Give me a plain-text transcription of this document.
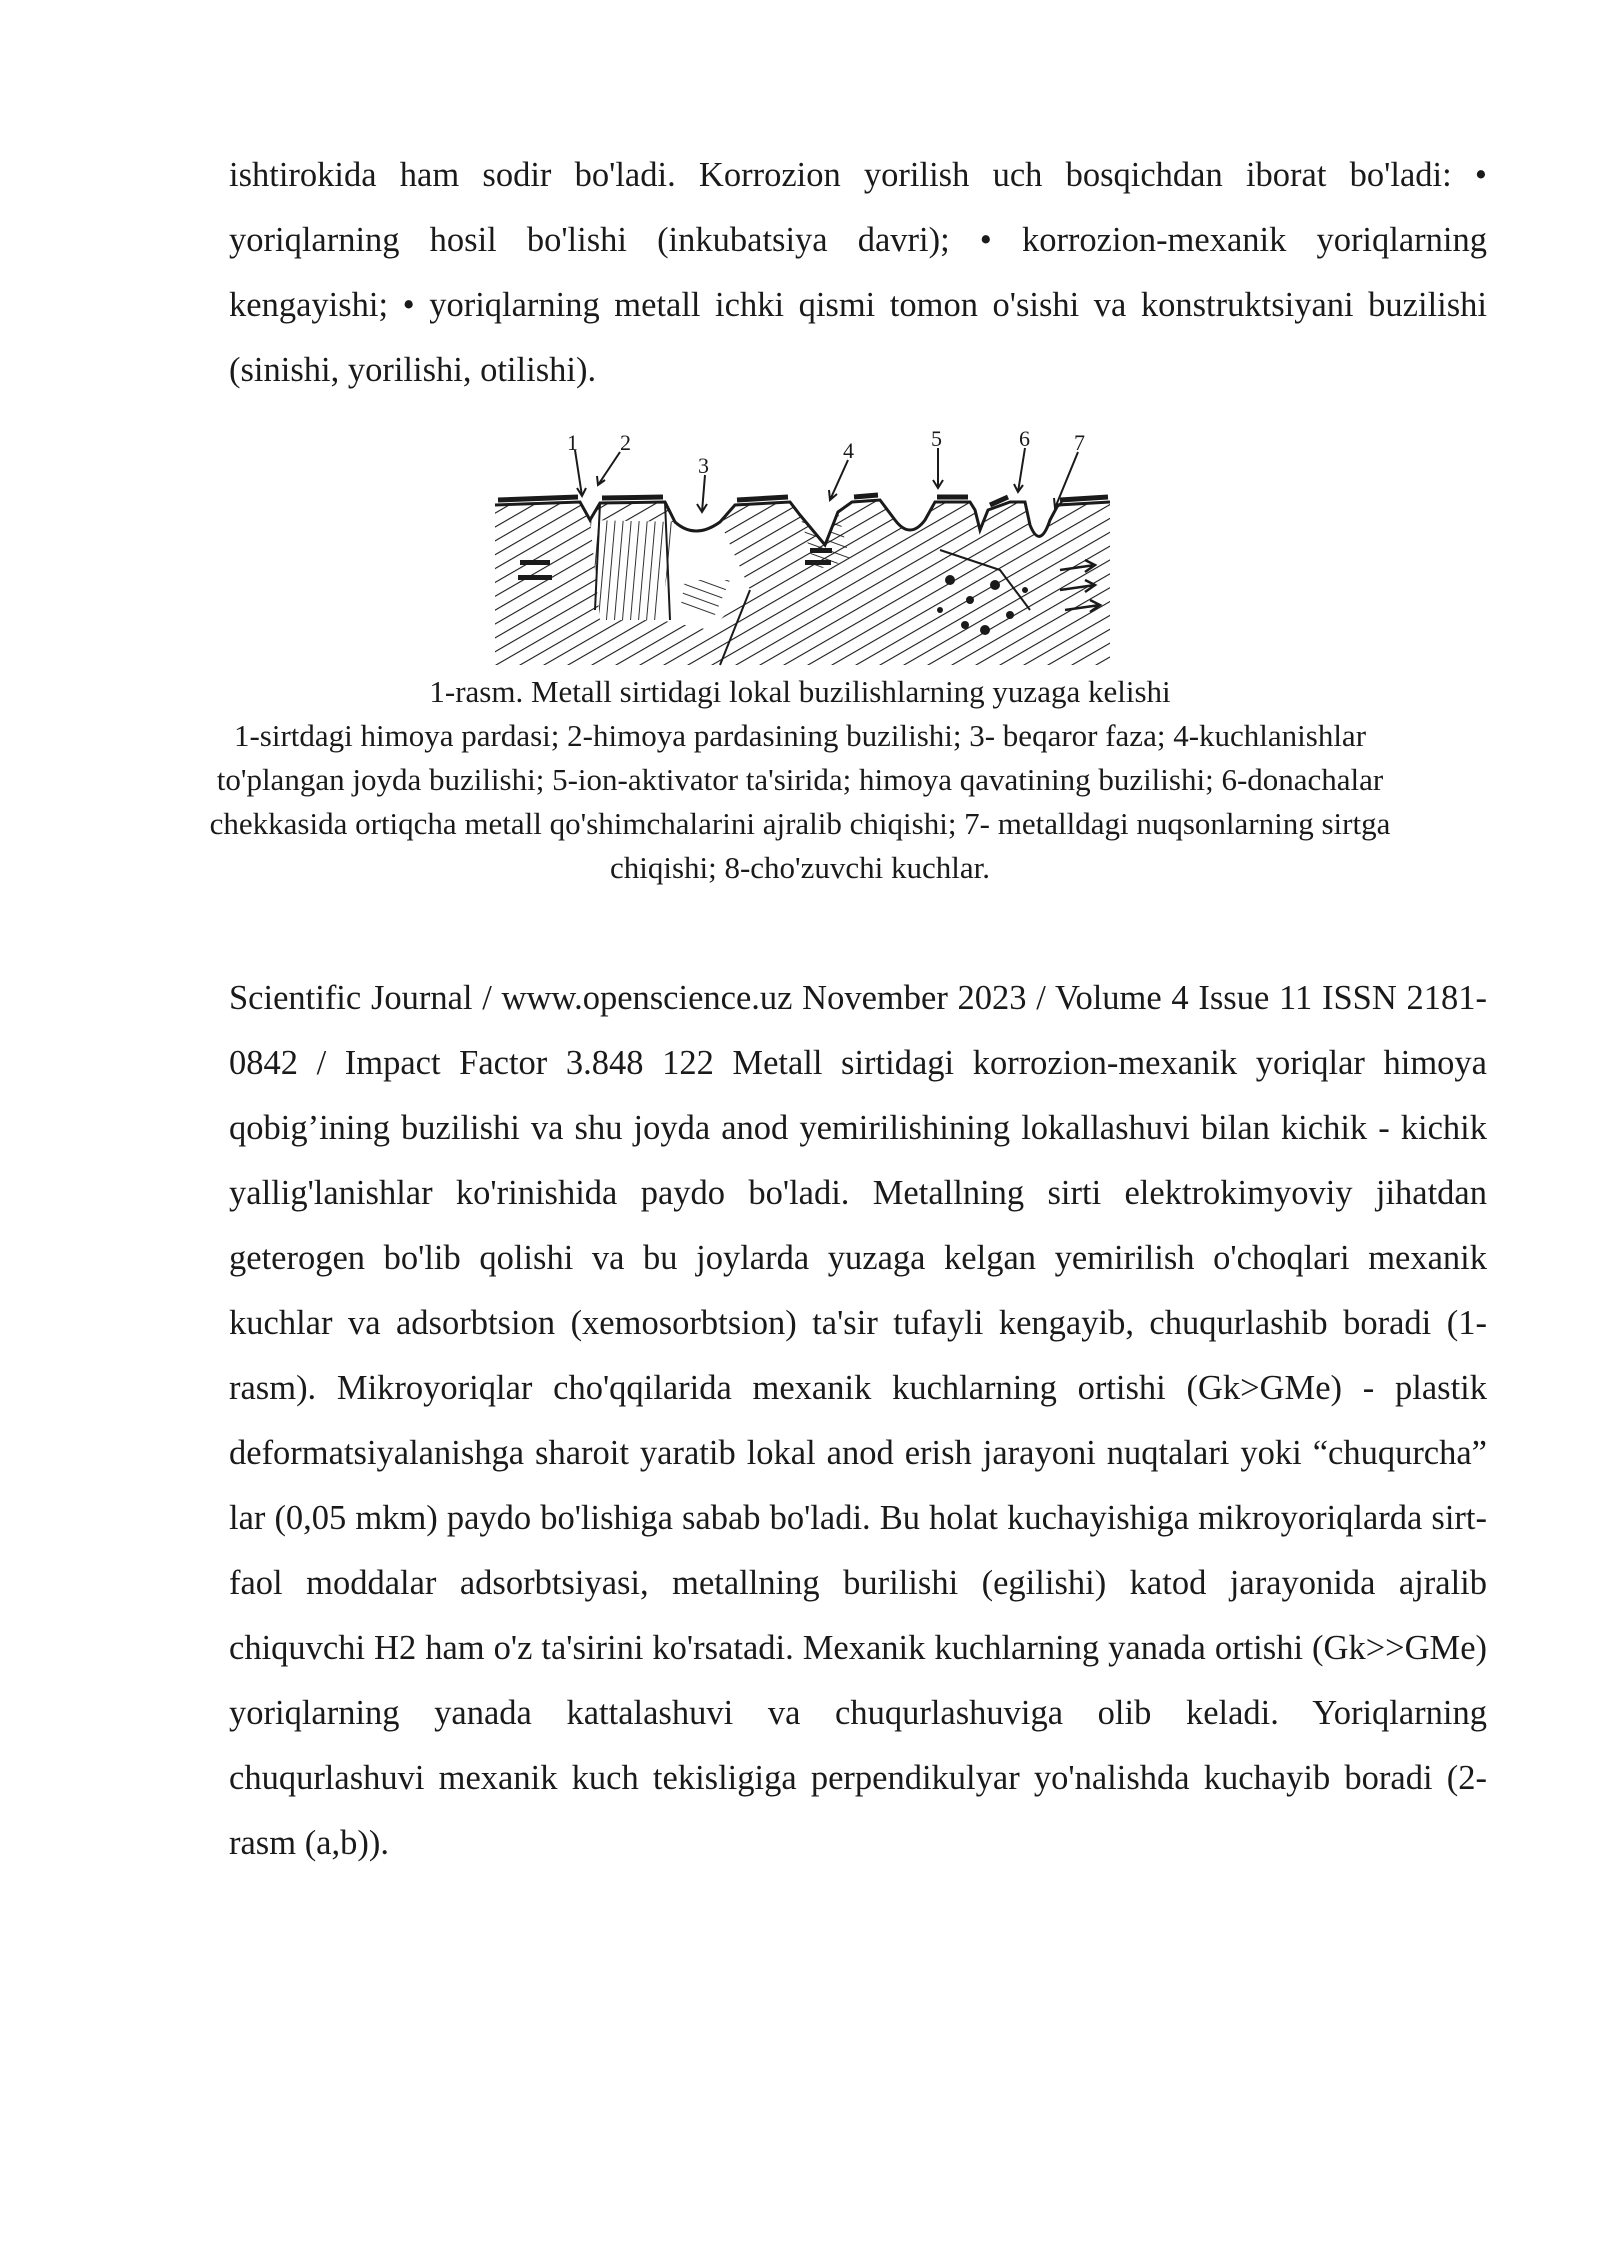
ishtirokida ham sodir bo'ladi. Korrozion yorilish uch bosqichdan iborat bo'ladi: • yoriqlarning hosil bo'lishi (inkubatsiya davri); • korrozion-mexanik yoriqlarning kengayishi; • yoriqlarning metall ichki qismi tomon o'sishi va konstruktsiyani buzilishi (sinishi, yorilishi, otilishi).

1 2
3
4	5	6 7

1-rasm. Metall sirtidagi lokal buzilishlarning yuzaga kelishi
1-sirtdagi himoya pardasi; 2-himoya pardasining buzilishi; 3- beqaror faza; 4-kuchlanishlar to'plangan joyda buzilishi; 5-ion-aktivator ta'sirida; himoya qavatining buzilishi; 6-donachalar chekkasida ortiqcha metall qo'shimchalarini ajralib chiqishi; 7- metalldagi nuqsonlarning sirtga chiqishi; 8-cho'zuvchi kuchlar.

Scientific Journal / www.openscience.uz November 2023 / Volume 4 Issue 11 ISSN 2181-0842 / Impact Factor 3.848 122 Metall sirtidagi korrozion-mexanik yoriqlar himoya qobig’ining buzilishi va shu joyda anod yemirilishining lokallashuvi bilan kichik - kichik yallig'lanishlar ko'rinishida paydo bo'ladi. Metallning sirti elektrokimyoviy jihatdan geterogen bo'lib qolishi va bu joylarda yuzaga kelgan yemirilish o'choqlari mexanik kuchlar va adsorbtsion (xemosorbtsion) ta'sir tufayli kengayib, chuqurlashib boradi (1- rasm). Mikroyoriqlar cho'qqilarida mexanik kuchlarning ortishi (Gk>GMe) - plastik deformatsiyalanishga sharoit yaratib lokal anod erish jarayoni nuqtalari yoki “chuqurcha” lar (0,05 mkm) paydo bo'lishiga sabab bo'ladi. Bu holat kuchayishiga mikroyoriqlarda sirt-faol moddalar adsorbtsiyasi, metallning burilishi (egilishi) katod jarayonida ajralib chiquvchi H2 ham o'z ta'sirini ko'rsatadi. Mexanik kuchlarning yanada ortishi (Gk>>GMe) yoriqlarning yanada kattalashuvi va chuqurlashuviga olib keladi. Yoriqlarning chuqurlashuvi mexanik kuch tekisligiga perpendikulyar yo'nalishda kuchayib boradi (2-rasm (a,b)).
